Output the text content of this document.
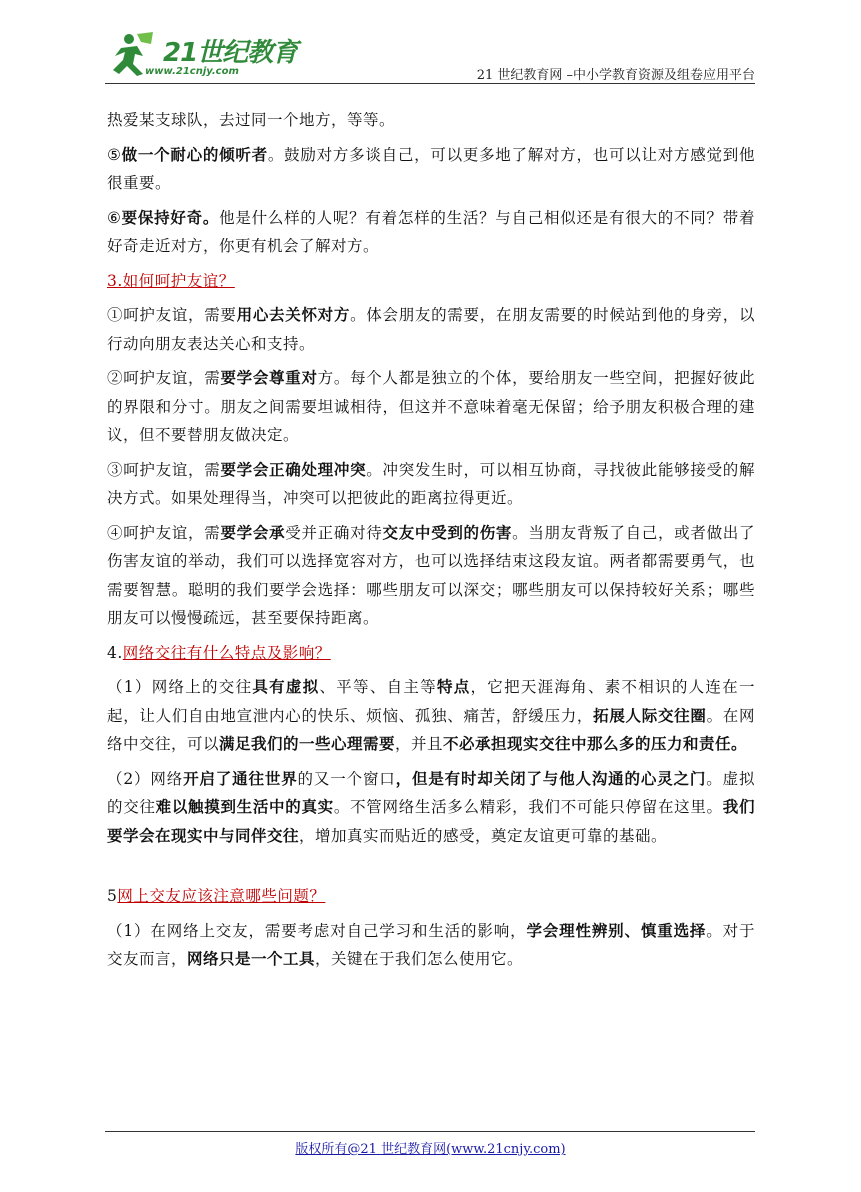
21世纪教育
www.21cnjy.com	21 世纪教育网 –中小学教育资源及组卷应用平台

热爱某支球队，去过同一个地方，等等。

⑤做一个耐心的倾听者。鼓励对方多谈自己，可以更多地了解对方，也可以让对方感觉到他很重要。

⑥要保持好奇。他是什么样的人呢？有着怎样的生活？与自己相似还是有很大的不同？带着好奇走近对方，你更有机会了解对方。

3.如何呵护友谊？

①呵护友谊，需要用心去关怀对方。体会朋友的需要，在朋友需要的时候站到他的身旁，以行动向朋友表达关心和支持。

②呵护友谊，需要学会尊重对方。每个人都是独立的个体，要给朋友一些空间，把握好彼此的界限和分寸。朋友之间需要坦诚相待，但这并不意味着毫无保留；给予朋友积极合理的建议，但不要替朋友做决定。

③呵护友谊，需要学会正确处理冲突。冲突发生时，可以相互协商，寻找彼此能够接受的解决方式。如果处理得当，冲突可以把彼此的距离拉得更近。

④呵护友谊，需要学会承受并正确对待交友中受到的伤害。当朋友背叛了自己，或者做出了伤害友谊的举动，我们可以选择宽容对方，也可以选择结束这段友谊。两者都需要勇气，也需要智慧。聪明的我们要学会选择：哪些朋友可以深交；哪些朋友可以保持较好关系；哪些朋友可以慢慢疏远，甚至要保持距离。

4.网络交往有什么特点及影响？

（1）网络上的交往具有虚拟、平等、自主等特点，它把天涯海角、素不相识的人连在一起，让人们自由地宣泄内心的快乐、烦恼、孤独、痛苦，舒缓压力，拓展人际交往圈。在网络中交往，可以满足我们的一些心理需要，并且不必承担现实交往中那么多的压力和责任。

（2）网络开启了通往世界的又一个窗口，但是有时却关闭了与他人沟通的心灵之门。虚拟的交往难以触摸到生活中的真实。不管网络生活多么精彩，我们不可能只停留在这里。我们要学会在现实中与同伴交往，增加真实而贴近的感受，奠定友谊更可靠的基础。

5网上交友应该注意哪些问题？

（1）在网络上交友，需要考虑对自己学习和生活的影响，学会理性辨别、慎重选择。对于交友而言，网络只是一个工具，关键在于我们怎么使用它。

版权所有@21 世纪教育网(www.21cnjy.com)
